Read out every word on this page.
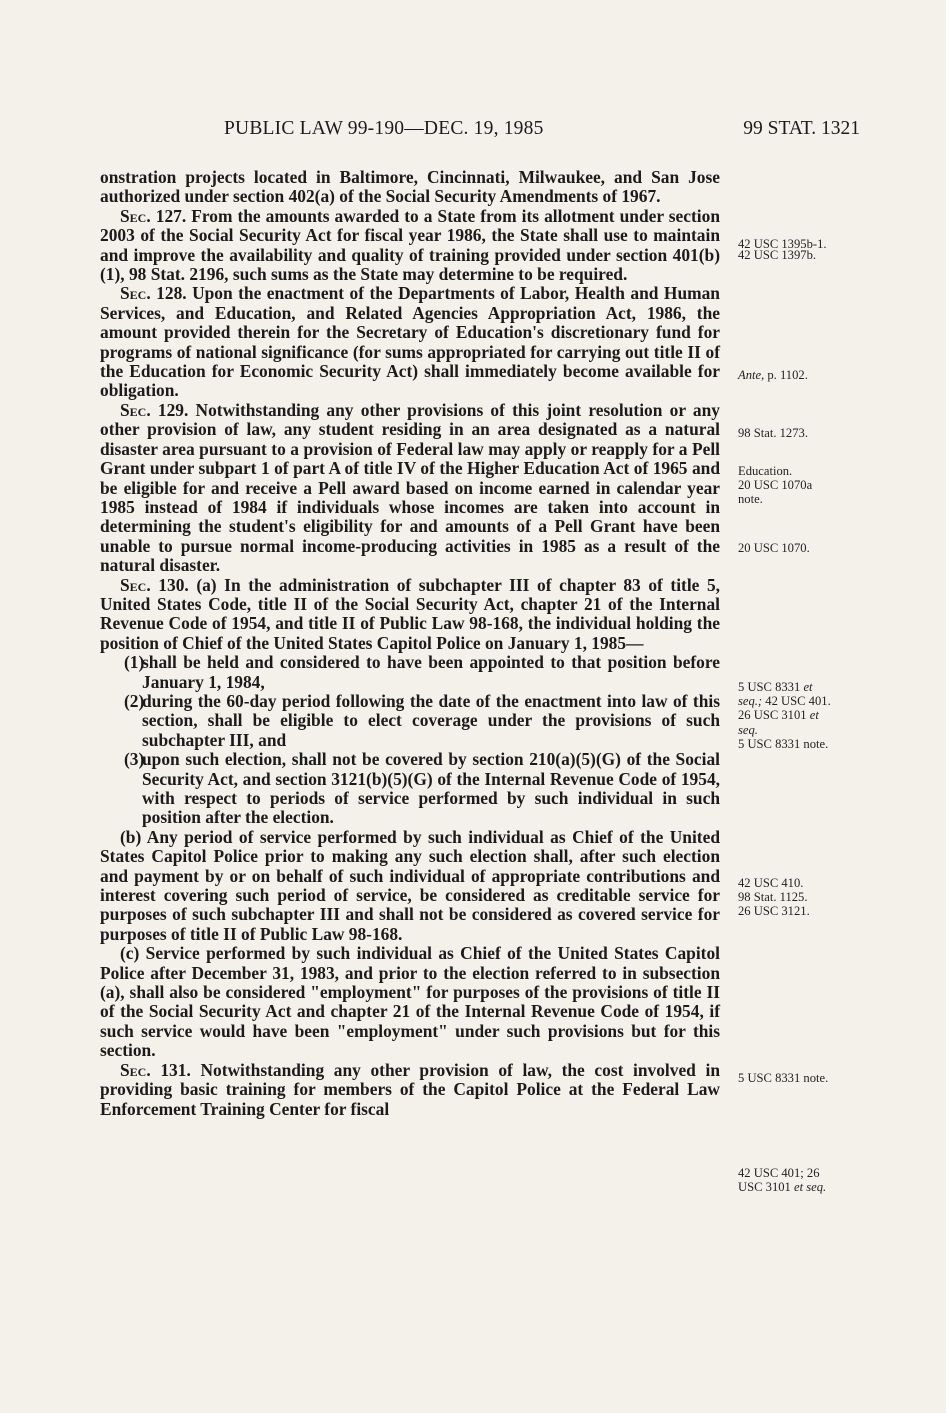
PUBLIC LAW 99-190—DEC. 19, 1985	99 STAT. 1321

onstration projects located in Baltimore, Cincinnati, Milwaukee, and San Jose authorized under section 402(a) of the Social Security Amendments of 1967.

Sec. 127. From the amounts awarded to a State from its allotment under section 2003 of the Social Security Act for fiscal year 1986, the State shall use to maintain and improve the availability and quality of training provided under section 401(b)(1), 98 Stat. 2196, such sums as the State may determine to be required.

Sec. 128. Upon the enactment of the Departments of Labor, Health and Human Services, and Education, and Related Agencies Appropriation Act, 1986, the amount provided therein for the Secretary of Education's discretionary fund for programs of national significance (for sums appropriated for carrying out title II of the Education for Economic Security Act) shall immediately become available for obligation.

Sec. 129. Notwithstanding any other provisions of this joint resolution or any other provision of law, any student residing in an area designated as a natural disaster area pursuant to a provision of Federal law may apply or reapply for a Pell Grant under subpart 1 of part A of title IV of the Higher Education Act of 1965 and be eligible for and receive a Pell award based on income earned in calendar year 1985 instead of 1984 if individuals whose incomes are taken into account in determining the student's eligibility for and amounts of a Pell Grant have been unable to pursue normal income-producing activities in 1985 as a result of the natural disaster.

Sec. 130. (a) In the administration of subchapter III of chapter 83 of title 5, United States Code, title II of the Social Security Act, chapter 21 of the Internal Revenue Code of 1954, and title II of Public Law 98-168, the individual holding the position of Chief of the United States Capitol Police on January 1, 1985—

(1)
shall be held and considered to have been appointed to that position before January 1, 1984,

(2)
during the 60-day period following the date of the enactment into law of this section, shall be eligible to elect coverage under the provisions of such subchapter III, and

(3)
upon such election, shall not be covered by section 210(a)(5)(G) of the Social Security Act, and section 3121(b)(5)(G) of the Internal Revenue Code of 1954, with respect to periods of service performed by such individual in such position after the election.

(b) Any period of service performed by such individual as Chief of the United States Capitol Police prior to making any such election shall, after such election and payment by or on behalf of such individual of appropriate contributions and interest covering such period of service, be considered as creditable service for purposes of such subchapter III and shall not be considered as covered service for purposes of title II of Public Law 98-168.

(c) Service performed by such individual as Chief of the United States Capitol Police after December 31, 1983, and prior to the election referred to in subsection (a), shall also be considered "employment" for purposes of the provisions of title II of the Social Security Act and chapter 21 of the Internal Revenue Code of 1954, if such service would have been "employment" under such provisions but for this section.

Sec. 131. Notwithstanding any other provision of law, the cost involved in providing basic training for members of the Capitol Police at the Federal Law Enforcement Training Center for fiscal

42 USC 1395b-1.
42 USC 1397b.
Ante, p. 1102.
98 Stat. 1273.
Education.
20 USC 1070a
note.
20 USC 1070.
5 USC 8331 et
seq.; 42 USC 401.
26 USC 3101 et
seq.
5 USC 8331 note.
42 USC 410.
98 Stat. 1125.
26 USC 3121.
5 USC 8331 note.
42 USC 401; 26
USC 3101 et seq.
